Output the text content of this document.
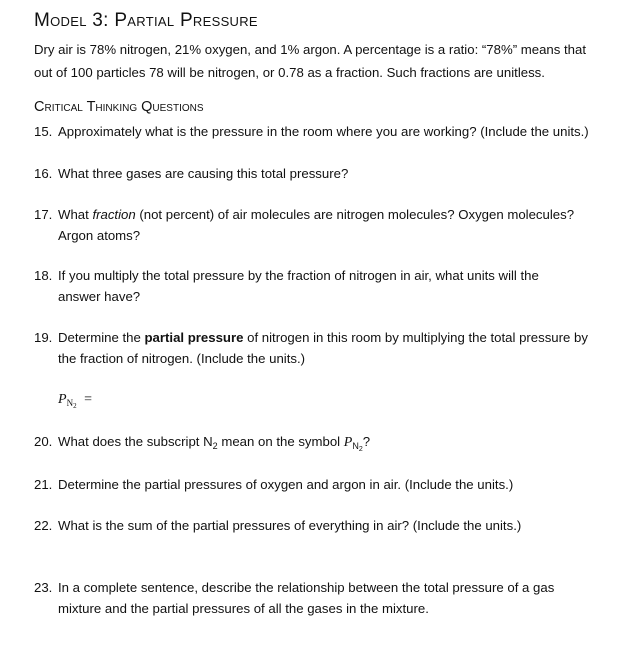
Model 3: Partial Pressure
Dry air is 78% nitrogen, 21% oxygen, and 1% argon. A percentage is a ratio: “78%” means that
out of 100 particles 78 will be nitrogen, or 0.78 as a fraction. Such fractions are unitless.
Critical Thinking Questions
15. Approximately what is the pressure in the room where you are working? (Include the units.)
16. What three gases are causing this total pressure?
17. What fraction (not percent) of air molecules are nitrogen molecules? Oxygen molecules?
Argon atoms?
18. If you multiply the total pressure by the fraction of nitrogen in air, what units will the
answer have?
19. Determine the partial pressure of nitrogen in this room by multiplying the total pressure by
the fraction of nitrogen. (Include the units.)
$P_{N_2}$ =
20. What does the subscript $N_2$ mean on the symbol $P_{N_2}$?
21. Determine the partial pressures of oxygen and argon in air. (Include the units.)
22. What is the sum of the partial pressures of everything in air? (Include the units.)
23. In a complete sentence, describe the relationship between the total pressure of a gas
mixture and the partial pressures of all the gases in the mixture.
